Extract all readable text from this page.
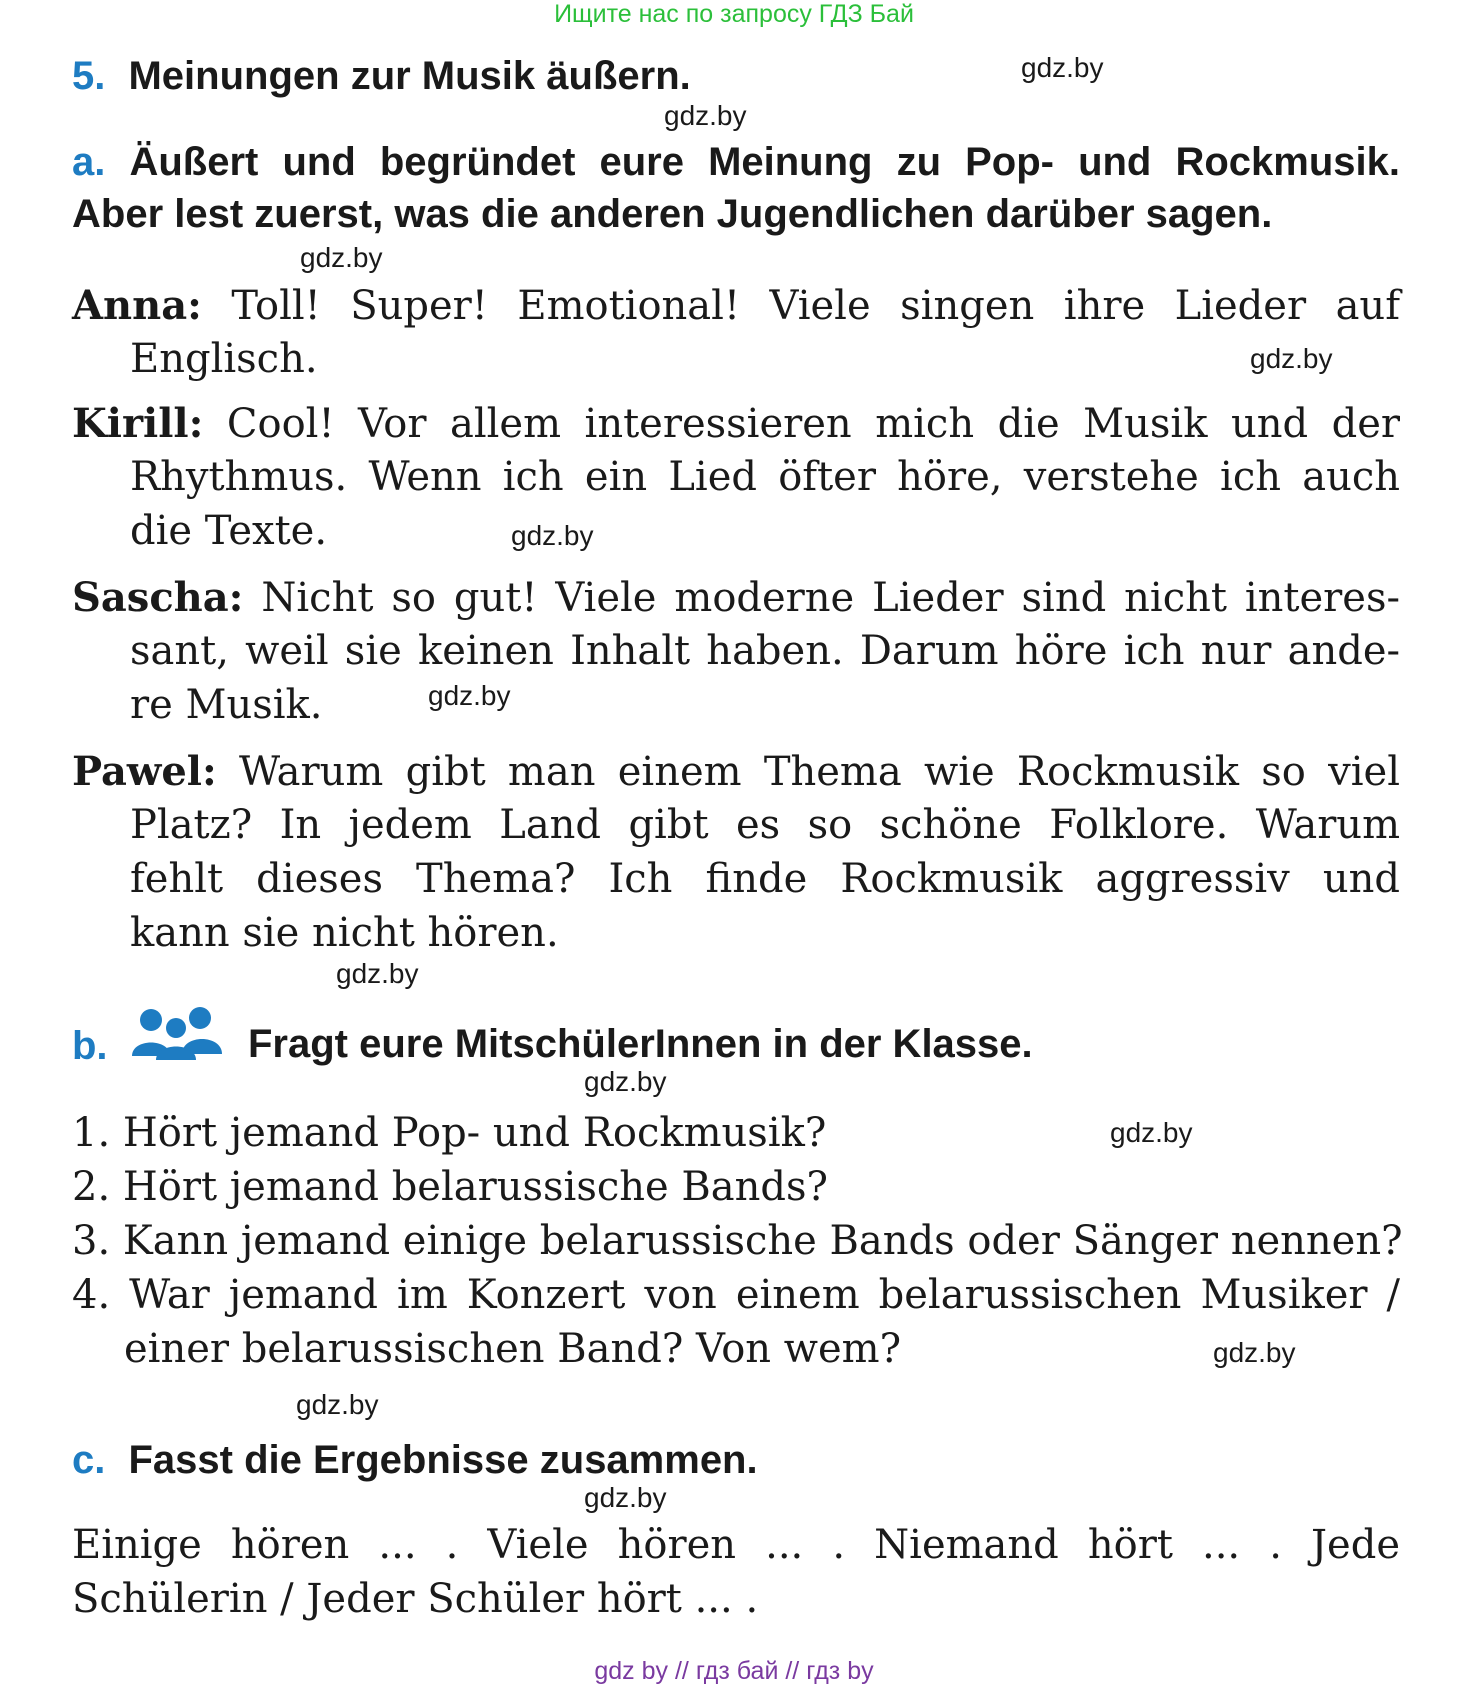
Ищите нас по запросу ГДЗ Бай
gdz.by
gdz.by
gdz.by
gdz.by
gdz.by
gdz.by
gdz.by
gdz.by
gdz.by
gdz.by
gdz.by
gdz.by
5. Meinungen zur Musik äußern.
a. Äußert und begründet eure Meinung zu Pop- und Rockmusik.
Aber lest zuerst, was die anderen Jugendlichen darüber sagen.
Anna: Toll! Super! Emotional! Viele singen ihre Lieder auf
Englisch.
Kirill: Cool! Vor allem interessieren mich die Musik und der
Rhythmus. Wenn ich ein Lied öfter höre, verstehe ich auch
die Texte.
Sascha: Nicht so gut! Viele moderne Lieder sind nicht interes-
sant, weil sie keinen Inhalt haben. Darum höre ich nur ande-
re Musik.
Pawel: Warum gibt man einem Thema wie Rockmusik so viel
Platz? In jedem Land gibt es so schöne Folklore. Warum
fehlt dieses Thema? Ich finde Rockmusik aggressiv und
kann sie nicht hören.
b.	Fragt eure MitschülerInnen in der Klasse.
1. Hört jemand Pop- und Rockmusik?
2. Hört jemand belarussische Bands?
3. Kann jemand einige belarussische Bands oder Sänger nennen?
4. War jemand im Konzert von einem belarussischen Musiker /
einer belarussischen Band? Von wem?
c. Fasst die Ergebnisse zusammen.
Einige hören ... . Viele hören ... . Niemand hört ... . Jede
Schülerin / Jeder Schüler hört ... .
gdz by // гдз бай // гдз by
